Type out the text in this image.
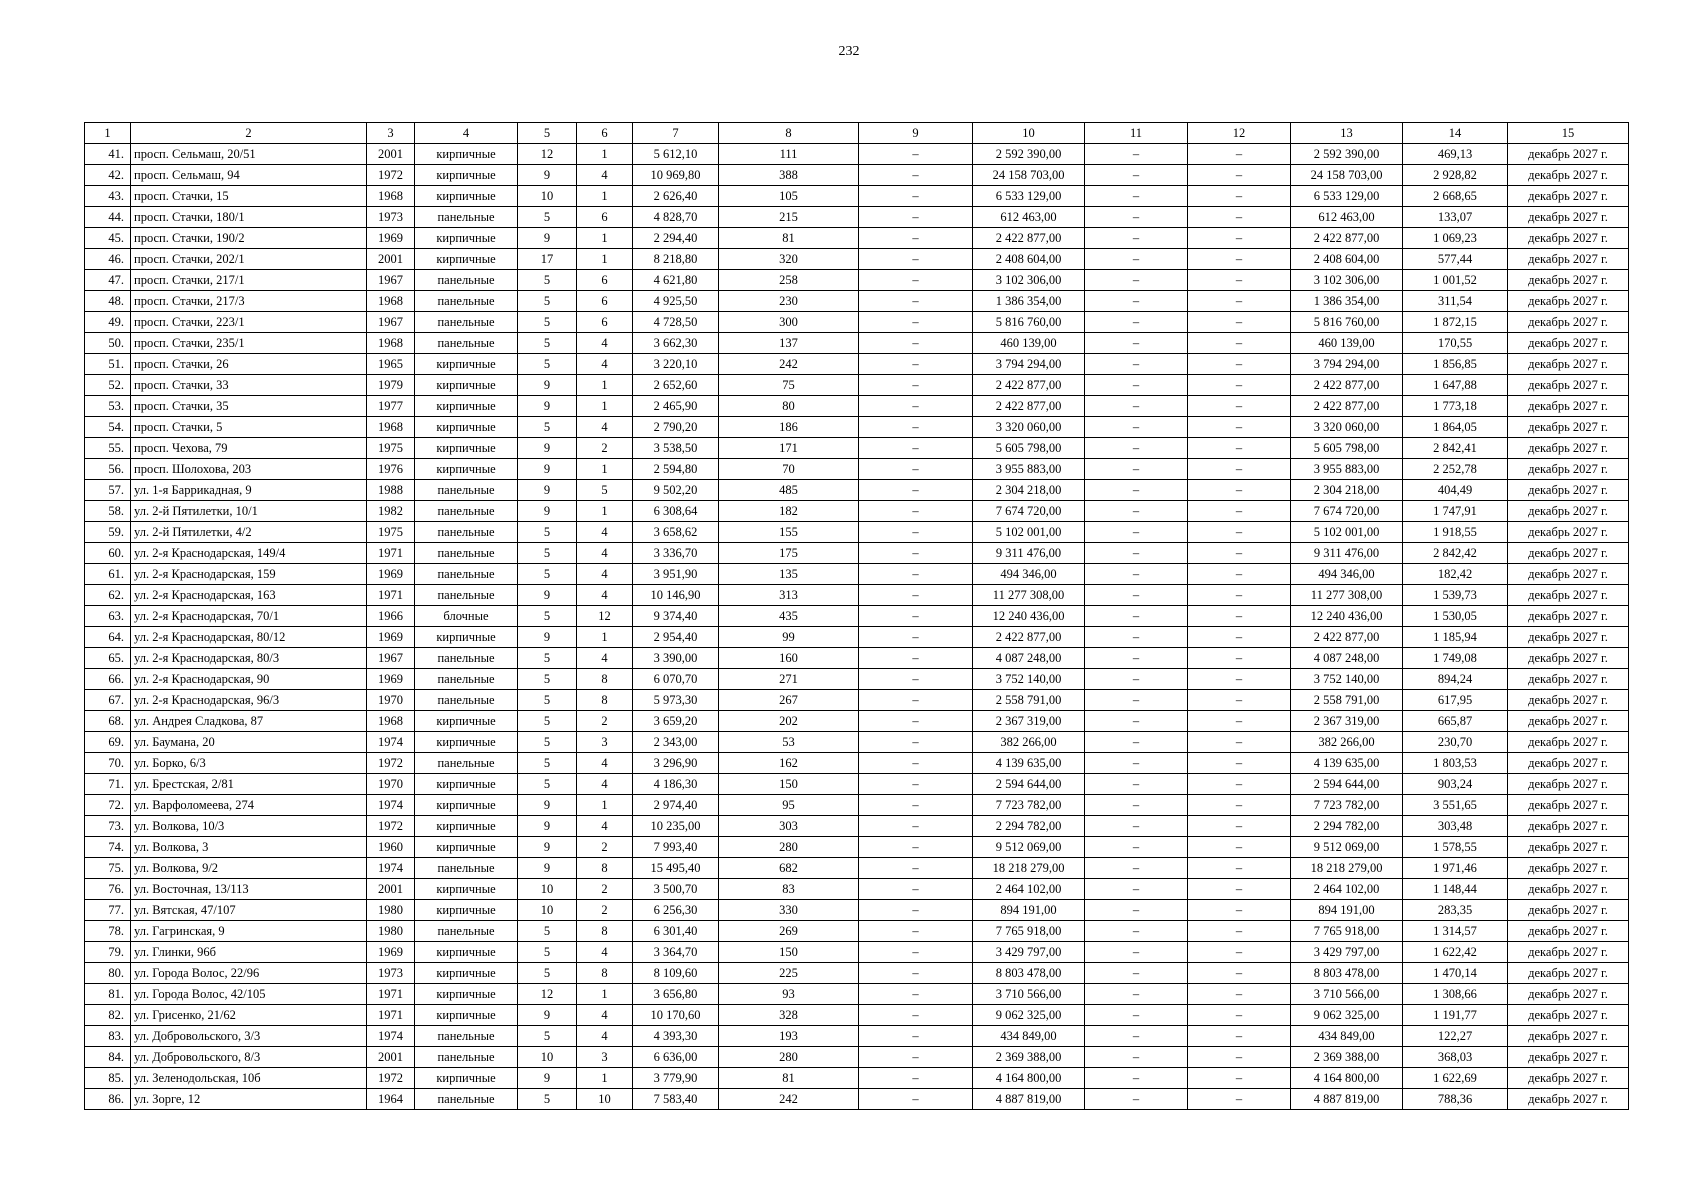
232
1	2	3	4	5	6	7	8	9	10	11	12	13	14	15
41.	просп. Сельмаш, 20/51	2001	кирпичные	12	1	5 612,10	111	–	2 592 390,00	–	–	2 592 390,00	469,13	декабрь 2027 г.
42.	просп. Сельмаш, 94	1972	кирпичные	9	4	10 969,80	388	–	24 158 703,00	–	–	24 158 703,00	2 928,82	декабрь 2027 г.
43.	просп. Стачки, 15	1968	кирпичные	10	1	2 626,40	105	–	6 533 129,00	–	–	6 533 129,00	2 668,65	декабрь 2027 г.
44.	просп. Стачки, 180/1	1973	панельные	5	6	4 828,70	215	–	612 463,00	–	–	612 463,00	133,07	декабрь 2027 г.
45.	просп. Стачки, 190/2	1969	кирпичные	9	1	2 294,40	81	–	2 422 877,00	–	–	2 422 877,00	1 069,23	декабрь 2027 г.
46.	просп. Стачки, 202/1	2001	кирпичные	17	1	8 218,80	320	–	2 408 604,00	–	–	2 408 604,00	577,44	декабрь 2027 г.
47.	просп. Стачки, 217/1	1967	панельные	5	6	4 621,80	258	–	3 102 306,00	–	–	3 102 306,00	1 001,52	декабрь 2027 г.
48.	просп. Стачки, 217/3	1968	панельные	5	6	4 925,50	230	–	1 386 354,00	–	–	1 386 354,00	311,54	декабрь 2027 г.
49.	просп. Стачки, 223/1	1967	панельные	5	6	4 728,50	300	–	5 816 760,00	–	–	5 816 760,00	1 872,15	декабрь 2027 г.
50.	просп. Стачки, 235/1	1968	панельные	5	4	3 662,30	137	–	460 139,00	–	–	460 139,00	170,55	декабрь 2027 г.
51.	просп. Стачки, 26	1965	кирпичные	5	4	3 220,10	242	–	3 794 294,00	–	–	3 794 294,00	1 856,85	декабрь 2027 г.
52.	просп. Стачки, 33	1979	кирпичные	9	1	2 652,60	75	–	2 422 877,00	–	–	2 422 877,00	1 647,88	декабрь 2027 г.
53.	просп. Стачки, 35	1977	кирпичные	9	1	2 465,90	80	–	2 422 877,00	–	–	2 422 877,00	1 773,18	декабрь 2027 г.
54.	просп. Стачки, 5	1968	кирпичные	5	4	2 790,20	186	–	3 320 060,00	–	–	3 320 060,00	1 864,05	декабрь 2027 г.
55.	просп. Чехова, 79	1975	кирпичные	9	2	3 538,50	171	–	5 605 798,00	–	–	5 605 798,00	2 842,41	декабрь 2027 г.
56.	просп. Шолохова, 203	1976	кирпичные	9	1	2 594,80	70	–	3 955 883,00	–	–	3 955 883,00	2 252,78	декабрь 2027 г.
57.	ул. 1-я Баррикадная, 9	1988	панельные	9	5	9 502,20	485	–	2 304 218,00	–	–	2 304 218,00	404,49	декабрь 2027 г.
58.	ул. 2-й Пятилетки, 10/1	1982	панельные	9	1	6 308,64	182	–	7 674 720,00	–	–	7 674 720,00	1 747,91	декабрь 2027 г.
59.	ул. 2-й Пятилетки, 4/2	1975	панельные	5	4	3 658,62	155	–	5 102 001,00	–	–	5 102 001,00	1 918,55	декабрь 2027 г.
60.	ул. 2-я Краснодарская, 149/4	1971	панельные	5	4	3 336,70	175	–	9 311 476,00	–	–	9 311 476,00	2 842,42	декабрь 2027 г.
61.	ул. 2-я Краснодарская, 159	1969	панельные	5	4	3 951,90	135	–	494 346,00	–	–	494 346,00	182,42	декабрь 2027 г.
62.	ул. 2-я Краснодарская, 163	1971	панельные	9	4	10 146,90	313	–	11 277 308,00	–	–	11 277 308,00	1 539,73	декабрь 2027 г.
63.	ул. 2-я Краснодарская, 70/1	1966	блочные	5	12	9 374,40	435	–	12 240 436,00	–	–	12 240 436,00	1 530,05	декабрь 2027 г.
64.	ул. 2-я Краснодарская, 80/12	1969	кирпичные	9	1	2 954,40	99	–	2 422 877,00	–	–	2 422 877,00	1 185,94	декабрь 2027 г.
65.	ул. 2-я Краснодарская, 80/3	1967	панельные	5	4	3 390,00	160	–	4 087 248,00	–	–	4 087 248,00	1 749,08	декабрь 2027 г.
66.	ул. 2-я Краснодарская, 90	1969	панельные	5	8	6 070,70	271	–	3 752 140,00	–	–	3 752 140,00	894,24	декабрь 2027 г.
67.	ул. 2-я Краснодарская, 96/3	1970	панельные	5	8	5 973,30	267	–	2 558 791,00	–	–	2 558 791,00	617,95	декабрь 2027 г.
68.	ул. Андрея Сладкова, 87	1968	кирпичные	5	2	3 659,20	202	–	2 367 319,00	–	–	2 367 319,00	665,87	декабрь 2027 г.
69.	ул. Баумана, 20	1974	кирпичные	5	3	2 343,00	53	–	382 266,00	–	–	382 266,00	230,70	декабрь 2027 г.
70.	ул. Борко, 6/3	1972	панельные	5	4	3 296,90	162	–	4 139 635,00	–	–	4 139 635,00	1 803,53	декабрь 2027 г.
71.	ул. Брестская, 2/81	1970	кирпичные	5	4	4 186,30	150	–	2 594 644,00	–	–	2 594 644,00	903,24	декабрь 2027 г.
72.	ул. Варфоломеева, 274	1974	кирпичные	9	1	2 974,40	95	–	7 723 782,00	–	–	7 723 782,00	3 551,65	декабрь 2027 г.
73.	ул. Волкова, 10/3	1972	кирпичные	9	4	10 235,00	303	–	2 294 782,00	–	–	2 294 782,00	303,48	декабрь 2027 г.
74.	ул. Волкова, 3	1960	кирпичные	9	2	7 993,40	280	–	9 512 069,00	–	–	9 512 069,00	1 578,55	декабрь 2027 г.
75.	ул. Волкова, 9/2	1974	панельные	9	8	15 495,40	682	–	18 218 279,00	–	–	18 218 279,00	1 971,46	декабрь 2027 г.
76.	ул. Восточная, 13/113	2001	кирпичные	10	2	3 500,70	83	–	2 464 102,00	–	–	2 464 102,00	1 148,44	декабрь 2027 г.
77.	ул. Вятская, 47/107	1980	кирпичные	10	2	6 256,30	330	–	894 191,00	–	–	894 191,00	283,35	декабрь 2027 г.
78.	ул. Гагринская, 9	1980	панельные	5	8	6 301,40	269	–	7 765 918,00	–	–	7 765 918,00	1 314,57	декабрь 2027 г.
79.	ул. Глинки, 96б	1969	кирпичные	5	4	3 364,70	150	–	3 429 797,00	–	–	3 429 797,00	1 622,42	декабрь 2027 г.
80.	ул. Города Волос, 22/96	1973	кирпичные	5	8	8 109,60	225	–	8 803 478,00	–	–	8 803 478,00	1 470,14	декабрь 2027 г.
81.	ул. Города Волос, 42/105	1971	кирпичные	12	1	3 656,80	93	–	3 710 566,00	–	–	3 710 566,00	1 308,66	декабрь 2027 г.
82.	ул. Грисенко, 21/62	1971	кирпичные	9	4	10 170,60	328	–	9 062 325,00	–	–	9 062 325,00	1 191,77	декабрь 2027 г.
83.	ул. Добровольского, 3/3	1974	панельные	5	4	4 393,30	193	–	434 849,00	–	–	434 849,00	122,27	декабрь 2027 г.
84.	ул. Добровольского, 8/3	2001	панельные	10	3	6 636,00	280	–	2 369 388,00	–	–	2 369 388,00	368,03	декабрь 2027 г.
85.	ул. Зеленодольская, 10б	1972	кирпичные	9	1	3 779,90	81	–	4 164 800,00	–	–	4 164 800,00	1 622,69	декабрь 2027 г.
86.	ул. Зорге, 12	1964	панельные	5	10	7 583,40	242	–	4 887 819,00	–	–	4 887 819,00	788,36	декабрь 2027 г.
